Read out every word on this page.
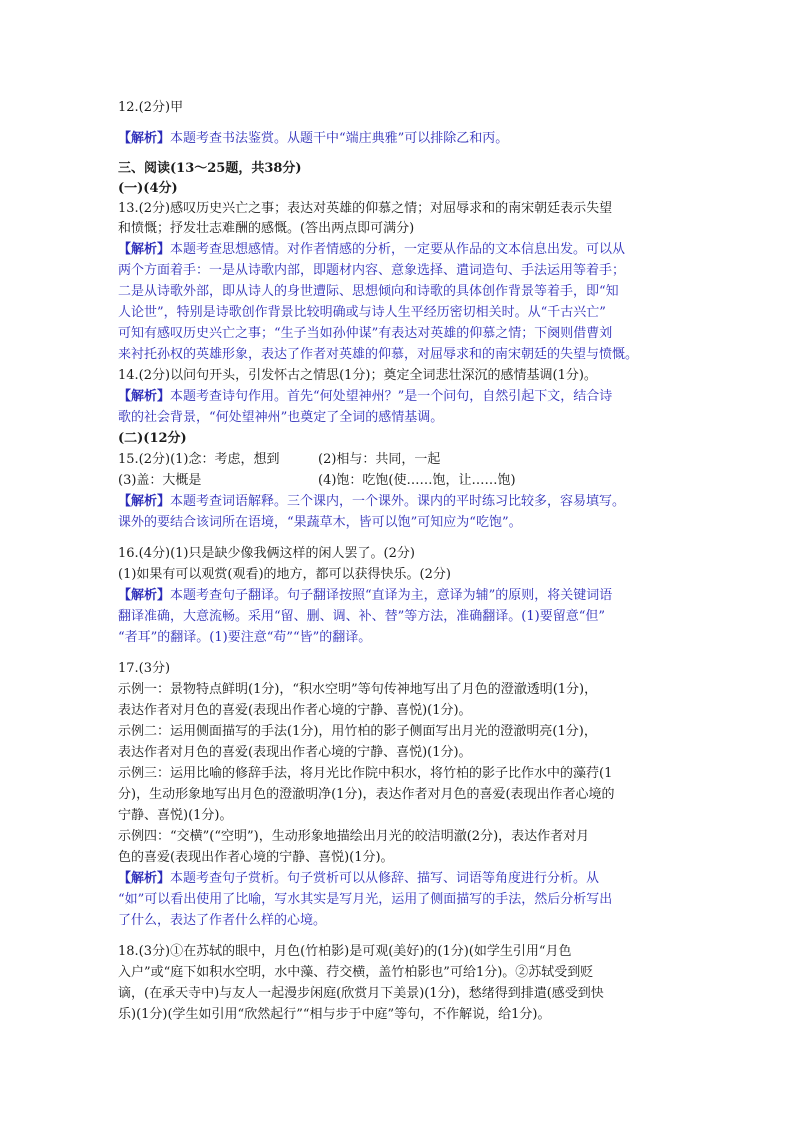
12.(2分)甲
【解析】本题考查书法鉴赏。从题干中“端庄典雅”可以排除乙和丙。
三、阅读(13～25题，共38分)
(一)(4分)
13.(2分)感叹历史兴亡之事；表达对英雄的仰慕之情；对屈辱求和的南宋朝廷表示失望
和愤慨；抒发壮志难酬的感慨。(答出两点即可满分)
【解析】本题考查思想感情。对作者情感的分析，一定要从作品的文本信息出发。可以从
两个方面着手：一是从诗歌内部，即题材内容、意象选择、遣词造句、手法运用等着手；
二是从诗歌外部，即从诗人的身世遭际、思想倾向和诗歌的具体创作背景等着手，即“知
人论世”，特别是诗歌创作背景比较明确或与诗人生平经历密切相关时。从“千古兴亡”
可知有感叹历史兴亡之事；“生子当如孙仲谋”有表达对英雄的仰慕之情；下阕则借曹刘
来衬托孙权的英雄形象，表达了作者对英雄的仰慕，对屈辱求和的南宋朝廷的失望与愤慨。
14.(2分)以问句开头，引发怀古之情思(1分)；奠定全词悲壮深沉的感情基调(1分)。
【解析】本题考查诗句作用。首先“何处望神州？”是一个问句，自然引起下文，结合诗
歌的社会背景，“何处望神州”也奠定了全词的感情基调。
(二)(12分)
15.(2分)(1)念：考虑，想到	(2)相与：共同，一起
(3)盖：大概是	(4)饱：吃饱(使……饱，让……饱)
【解析】本题考查词语解释。三个课内，一个课外。课内的平时练习比较多，容易填写。
课外的要结合该词所在语境，“果蔬草木，皆可以饱”可知应为“吃饱”。
16.(4分)(1)只是缺少像我俩这样的闲人罢了。(2分)
(1)如果有可以观赏(观看)的地方，都可以获得快乐。(2分)
【解析】本题考查句子翻译。句子翻译按照“直译为主，意译为辅”的原则，将关键词语
翻译准确，大意流畅。采用“留、删、调、补、替”等方法，准确翻译。(1)要留意“但”
“者耳”的翻译。(1)要注意“苟”“皆”的翻译。
17.(3分)
示例一：景物特点鲜明(1分)，“积水空明”等句传神地写出了月色的澄澈透明(1分)，
表达作者对月色的喜爱(表现出作者心境的宁静、喜悦)(1分)。
示例二：运用侧面描写的手法(1分)，用竹柏的影子侧面写出月光的澄澈明亮(1分)，
表达作者对月色的喜爱(表现出作者心境的宁静、喜悦)(1分)。
示例三：运用比喻的修辞手法，将月光比作院中积水，将竹柏的影子比作水中的藻荇(1
分)，生动形象地写出月色的澄澈明净(1分)，表达作者对月色的喜爱(表现出作者心境的
宁静、喜悦)(1分)。
示例四：“交横”(“空明”)，生动形象地描绘出月光的皎洁明澈(2分)，表达作者对月
色的喜爱(表现出作者心境的宁静、喜悦)(1分)。
【解析】本题考查句子赏析。句子赏析可以从修辞、描写、词语等角度进行分析。从
“如”可以看出使用了比喻，写水其实是写月光，运用了侧面描写的手法，然后分析写出
了什么，表达了作者什么样的心境。
18.(3分)①在苏轼的眼中，月色(竹柏影)是可观(美好)的(1分)(如学生引用“月色
入户”或“庭下如积水空明，水中藻、荇交横，盖竹柏影也”可给1分)。②苏轼受到贬
谪，(在承天寺中)与友人一起漫步闲庭(欣赏月下美景)(1分)，愁绪得到排遣(感受到快
乐)(1分)(学生如引用“欣然起行”“相与步于中庭”等句，不作解说，给1分)。
